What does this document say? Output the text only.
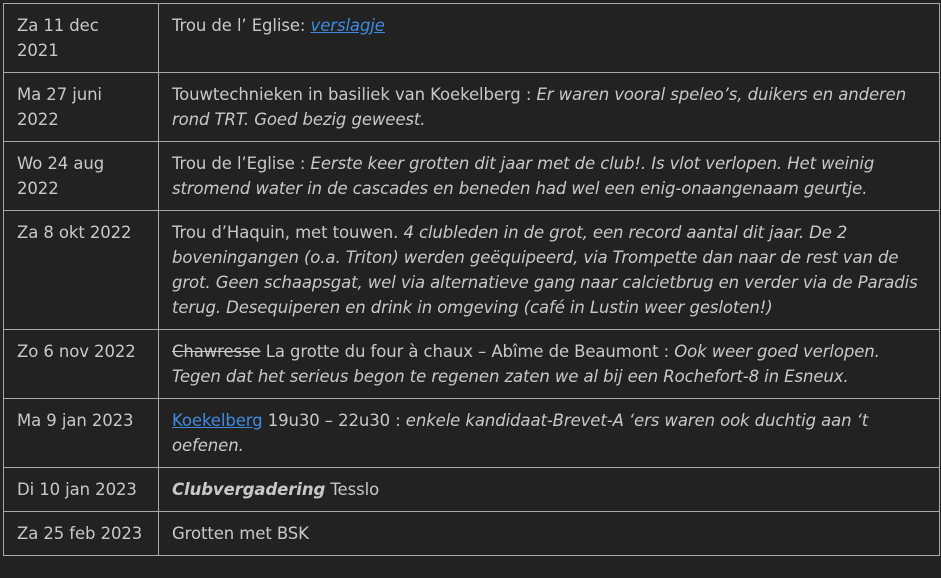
Za 11 dec 2021	Trou de l’ Eglise: verslagje
Ma 27 juni 2022	Touwtechnieken in basiliek van Koekelberg : Er waren vooral speleo’s, duikers en anderen rond TRT. Goed bezig geweest.
Wo 24 aug 2022	Trou de l’Eglise : Eerste keer grotten dit jaar met de club!. Is vlot verlopen. Het weinig stromend water in de cascades en beneden had wel een enig-onaangenaam geurtje.
Za 8 okt 2022	Trou d’Haquin, met touwen. 4 clubleden in de grot, een record aantal dit jaar. De 2 boveningangen (o.a. Triton) werden geëquipeerd, via Trompette dan naar de rest van de grot. Geen schaapsgat, wel via alternatieve gang naar calcietbrug en verder via de Paradis terug. Desequiperen en drink in omgeving (café in Lustin weer gesloten!)
Zo 6 nov 2022	Chawresse La grotte du four à chaux – Abîme de Beaumont : Ook weer goed verlopen. Tegen dat het serieus begon te regenen zaten we al bij een Rochefort-8 in Esneux.
Ma 9 jan 2023	Koekelberg 19u30 – 22u30 : enkele kandidaat-Brevet-A ‘ers waren ook duchtig aan ‘t oefenen.
Di 10 jan 2023	Clubvergadering Tesslo
Za 25 feb 2023	Grotten met BSK
